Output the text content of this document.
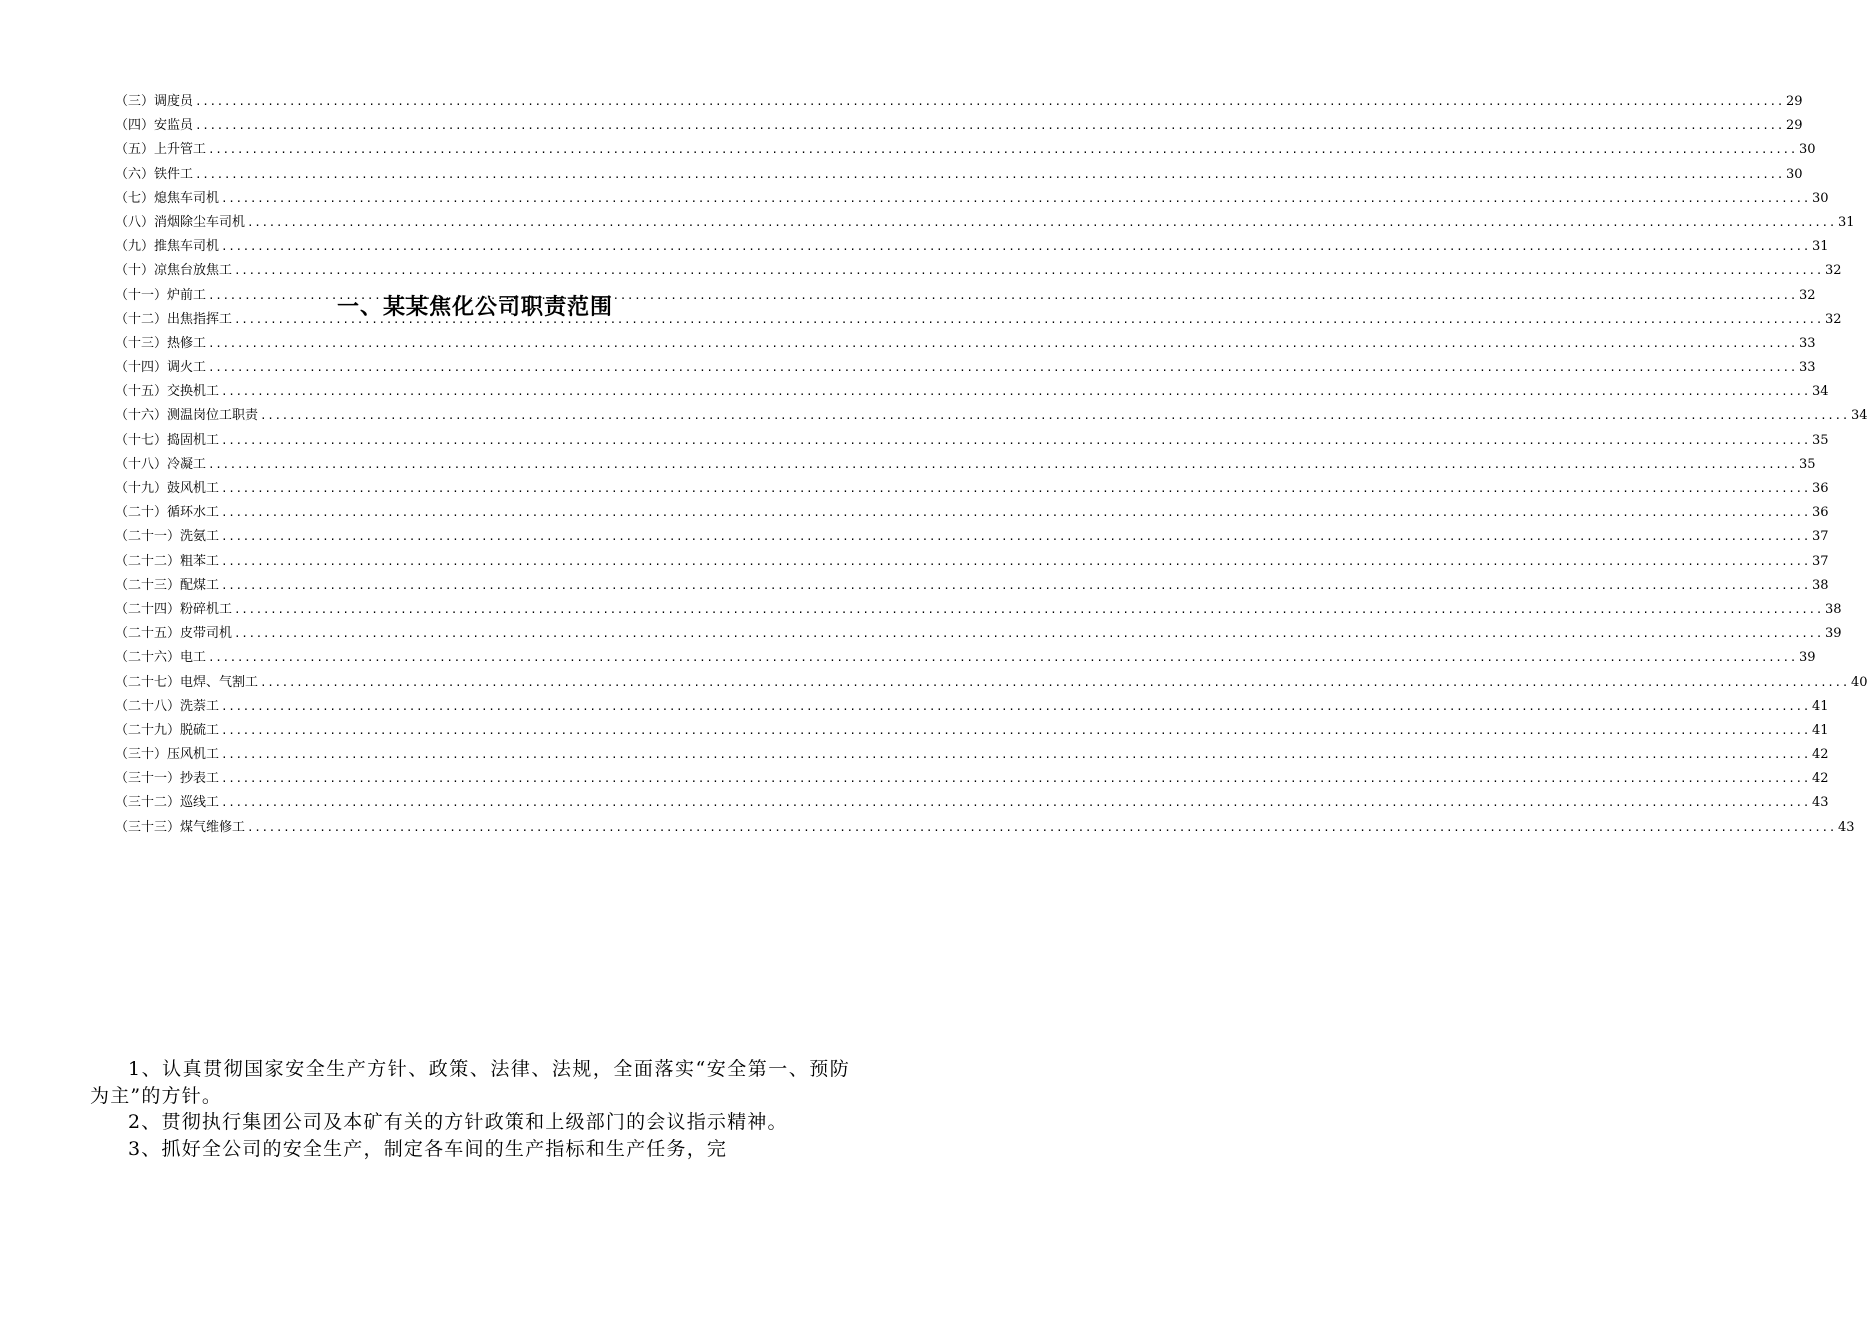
（三）调度员 ............................................................................................................................................................................................................................ 29
（四）安监员 ............................................................................................................................................................................................................................ 29
（五）上升管工 ............................................................................................................................................................................................................................ 30
（六）铁件工 ............................................................................................................................................................................................................................ 30
（七）熄焦车司机 ............................................................................................................................................................................................................................ 30
（八）消烟除尘车司机 ............................................................................................................................................................................................................................ 31
（九）推焦车司机 ............................................................................................................................................................................................................................ 31
（十）凉焦台放焦工 ............................................................................................................................................................................................................................ 32
（十一）炉前工 ............................................................................................................................................................................................................................ 32
（十二）出焦指挥工 ............................................................................................................................................................................................................................ 32
（十三）热修工 ............................................................................................................................................................................................................................ 33
（十四）调火工 ............................................................................................................................................................................................................................ 33
（十五）交换机工 ............................................................................................................................................................................................................................ 34
（十六）测温岗位工职责 ............................................................................................................................................................................................................................ 34
（十七）捣固机工 ............................................................................................................................................................................................................................ 35
（十八）冷凝工 ............................................................................................................................................................................................................................ 35
（十九）鼓风机工 ............................................................................................................................................................................................................................ 36
（二十）循环水工 ............................................................................................................................................................................................................................ 36
（二十一）洗氨工 ............................................................................................................................................................................................................................ 37
（二十二）粗苯工 ............................................................................................................................................................................................................................ 37
（二十三）配煤工 ............................................................................................................................................................................................................................ 38
（二十四）粉碎机工 ............................................................................................................................................................................................................................ 38
（二十五）皮带司机 ............................................................................................................................................................................................................................ 39
（二十六）电工 ............................................................................................................................................................................................................................ 39
（二十七）电焊、气割工 ............................................................................................................................................................................................................................ 40
（二十八）洗萘工 ............................................................................................................................................................................................................................ 41
（二十九）脱硫工 ............................................................................................................................................................................................................................ 41
（三十）压风机工 ............................................................................................................................................................................................................................ 42
（三十一）抄表工 ............................................................................................................................................................................................................................ 42
（三十二）巡线工 ............................................................................................................................................................................................................................ 43
（三十三）煤气维修工 ............................................................................................................................................................................................................................ 43
一、某某焦化公司职责范围

1、认真贯彻国家安全生产方针、政策、法律、法规，全面落实“安全第一、预防为主”的方针。

2、贯彻执行集团公司及本矿有关的方针政策和上级部门的会议指示精神。

3、抓好全公司的安全生产，制定各车间的生产指标和生产任务，完
